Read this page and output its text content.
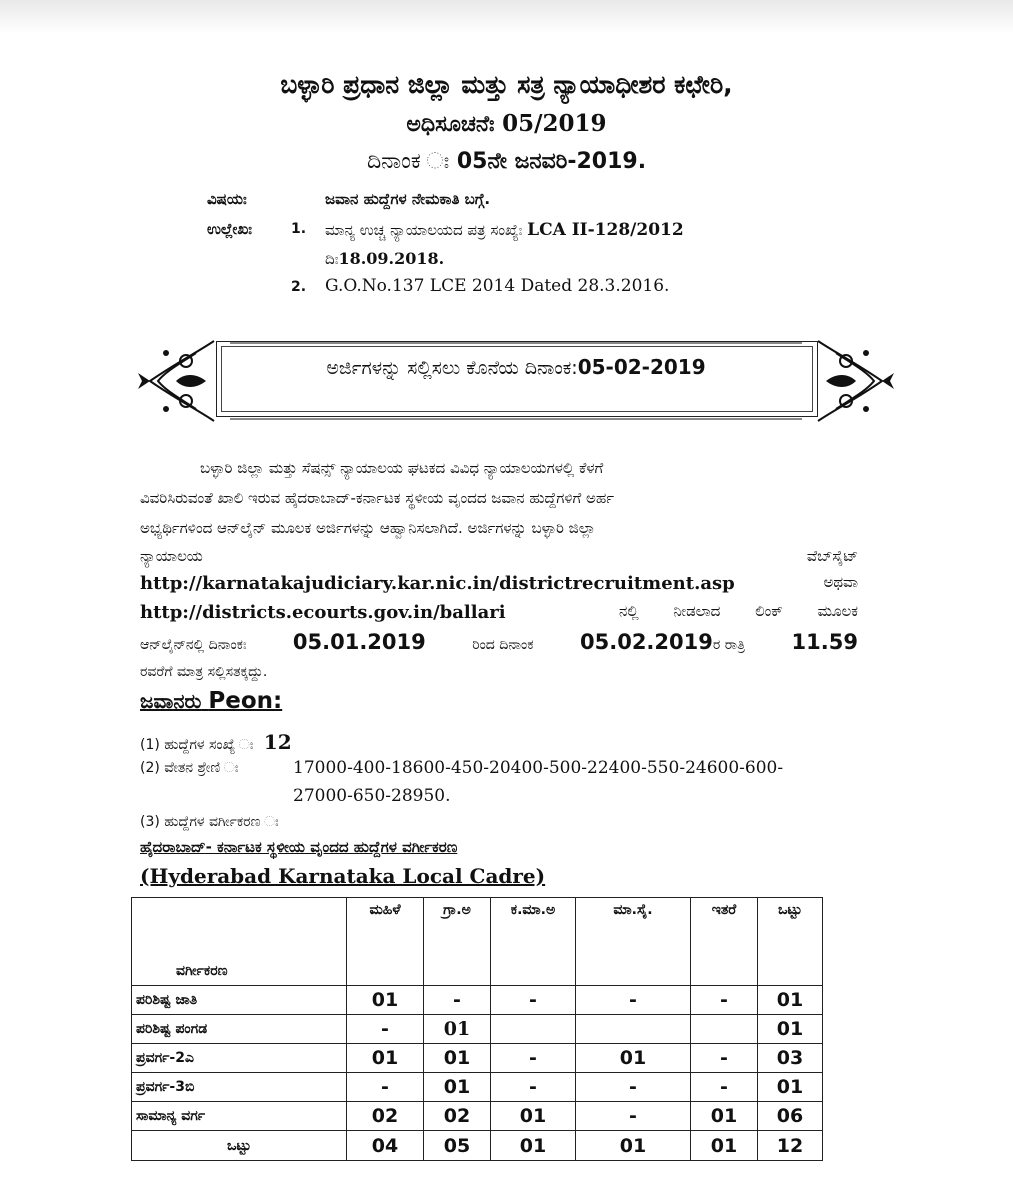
ಬಳ್ಳಾರಿ ಪ್ರಧಾನ ಜಿಲ್ಲಾ ಮತ್ತು ಸತ್ರ ನ್ಯಾಯಾಧೀಶರ ಕಛೇರಿ,
ಅಧಿಸೂಚನೆಃ 05/2019
ದಿನಾಂಕ ಃ 05ನೇ ಜನವರಿ-2019.
ವಿಷಯಃ	ಜವಾನ ಹುದ್ದೆಗಳ ನೇಮಕಾತಿ ಬಗ್ಗೆ.
ಉಲ್ಲೇಖಃ	1. ಮಾನ್ಯ ಉಚ್ಚ ನ್ಯಾಯಾಲಯದ ಪತ್ರ ಸಂಖ್ಯೆಃ LCA II-128/2012
ದಿಃ18.09.2018.
2. G.O.No.137 LCE 2014 Dated 28.3.2016.
ಅರ್ಜಿಗಳನ್ನು ಸಲ್ಲಿಸಲು ಕೊನೆಯ ದಿನಾಂಕ:05-02-2019
ಬಳ್ಳಾರಿ ಜಿಲ್ಲಾ ಮತ್ತು ಸೆಷನ್ಸ್ ನ್ಯಾಯಾಲಯ ಘಟಕದ ವಿವಿಧ ನ್ಯಾಯಾಲಯಗಳಲ್ಲಿ ಕೆಳಗೆ
ವಿವರಿಸಿರುವಂತೆ ಖಾಲಿ ಇರುವ ಹೈದರಾಬಾದ್-ಕರ್ನಾಟಕ ಸ್ಥಳೀಯ ವೃಂದದ ಜವಾನ ಹುದ್ದೆಗಳಿಗೆ ಅರ್ಹ
ಅಭ್ಯರ್ಥಿಗಳಿಂದ ಆನ್‌ಲೈನ್ ಮೂಲಕ ಅರ್ಜಿಗಳನ್ನು ಆಹ್ವಾನಿಸಲಾಗಿದೆ. ಅರ್ಜಿಗಳನ್ನು ಬಳ್ಳಾರಿ ಜಿಲ್ಲಾ
ನ್ಯಾಯಾಲಯ	ವೆಬ್‌ಸೈಟ್
http://karnatakajudiciary.kar.nic.in/districtrecruitment.asp	ಅಥವಾ
http://districts.ecourts.gov.in/ballari	ನಲ್ಲಿ ನೀಡಲಾದ ಲಿಂಕ್ ಮೂಲಕ
ಆನ್‌ಲೈನ್‌ನಲ್ಲಿ ದಿನಾಂಕಃ 05.01.2019	ರಿಂದ ದಿನಾಂಕ 05.02.2019ರ ರಾತ್ರಿ 11.59
ರವರೆಗೆ ಮಾತ್ರ ಸಲ್ಲಿಸತಕ್ಕದ್ದು.
ಜವಾನರು Peon:
(1) ಹುದ್ದೆಗಳ ಸಂಖ್ಯೆ ಃ 12
(2) ವೇತನ ಶ್ರೇಣಿ ಃ	17000-400-18600-450-20400-500-22400-550-24600-600-
27000-650-28950.
(3) ಹುದ್ದೆಗಳ ವರ್ಗೀಕರಣ ಃ
ಹೈದರಾಬಾದ್- ಕರ್ನಾಟಕ ಸ್ಥಳೀಯ ವೃಂದದ ಹುದ್ದೆಗಳ ವರ್ಗೀಕರಣ
(Hyderabad Karnataka Local Cadre)
ವರ್ಗೀಕರಣ	ಮಹಿಳೆ	ಗ್ರಾ.ಅ	ಕ.ಮಾ.ಅ	ಮಾ.ಸೈ.	ಇತರೆ	ಒಟ್ಟು
ಪರಿಶಿಷ್ಟ ಜಾತಿ	01	-	-	-	-	01
ಪರಿಶಿಷ್ಟ ಪಂಗಡ	-	01				01
ಪ್ರವರ್ಗ-2ಎ	01	01	-	01	-	03
ಪ್ರವರ್ಗ-3ಬಿ	-	01	-	-	-	01
ಸಾಮಾನ್ಯ ವರ್ಗ	02	02	01	-	01	06
ಒಟ್ಟು	04	05	01	01	01	12
